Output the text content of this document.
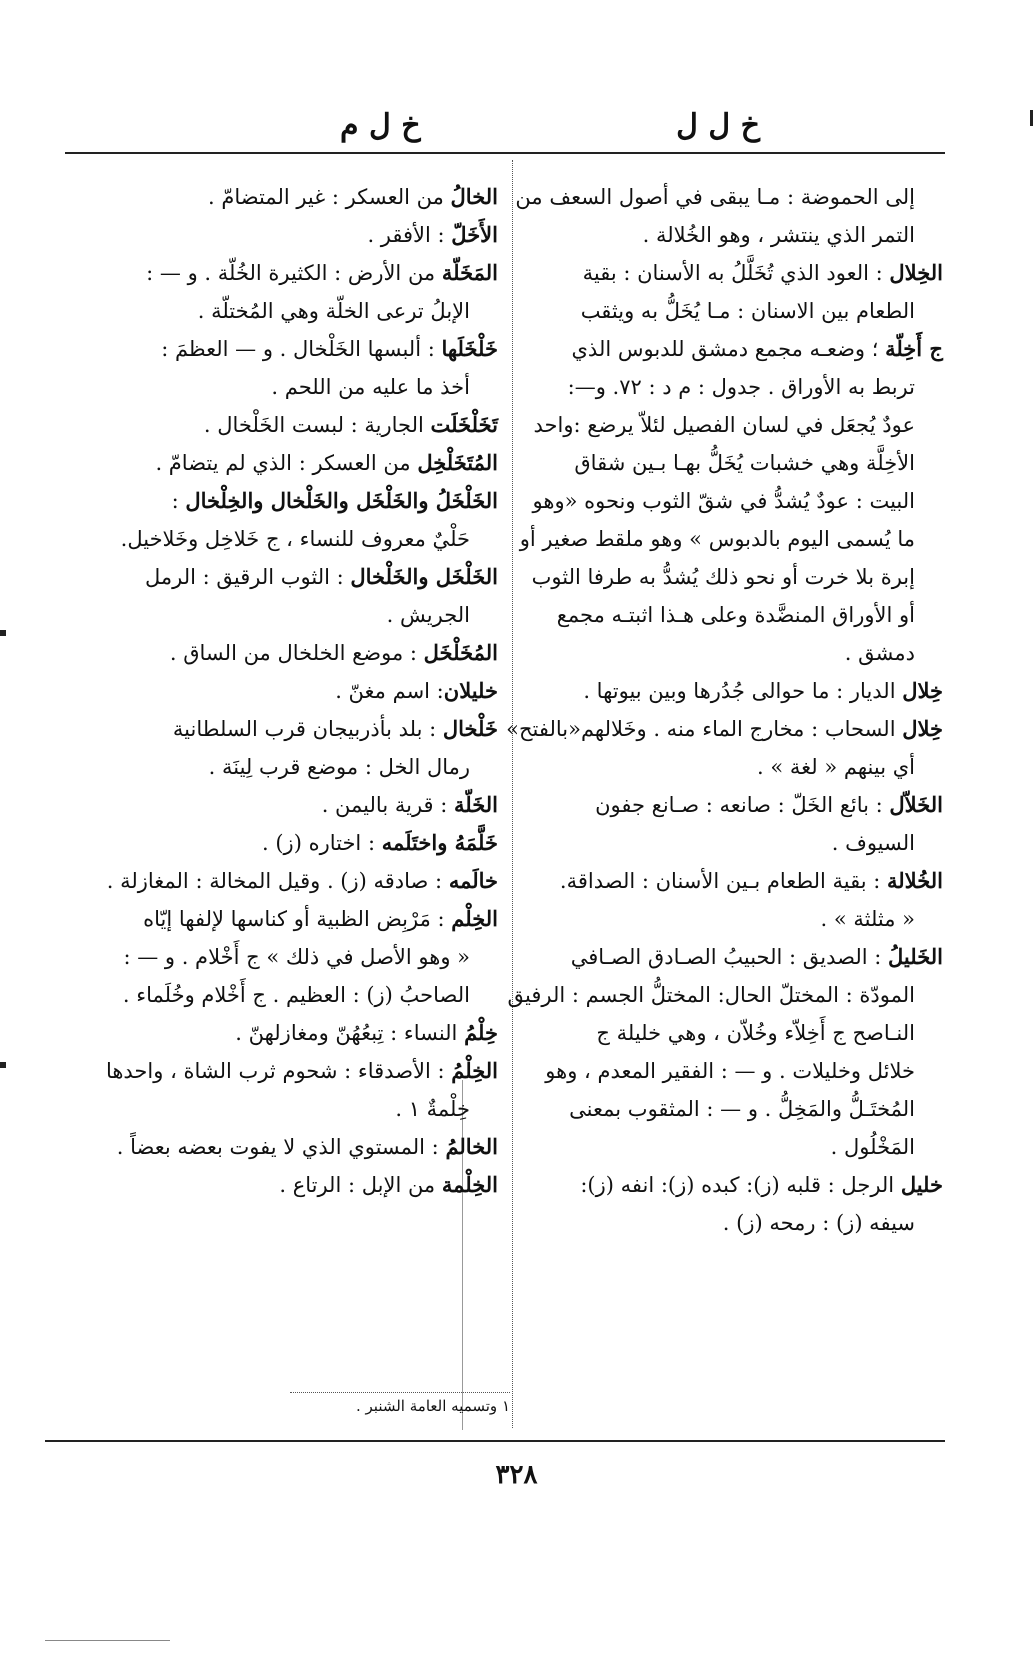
خ ل ل
خ ل م
إلى الحموضة : مـا يبقى في أصول السعف من
التمر الذي ينتشر ، وهو الخُلالة .
الخِلال : العود الذي تُخَلَّلُ به الأسنان : بقية
الطعام بين الاسنان : مـا يُخَلُّ به ويثقب
ج أَخِلّة ؛ وضعـه مجمع دمشق للدبوس الذي
تربط به الأوراق . جدول : م د : ٧٢. و—:
عودٌ يُجعَل في لسان الفصيل لئلاّ يرضع :واحد
الأخِلَّة وهي خشبات يُخَلُّ بهـا بـين شقاق
البيت : عودٌ يُشدُّ في شقّ الثوب ونحوه «وهو
ما يُسمى اليوم بالدبوس » وهو ملقط صغير أو
إبرة بلا خرت أو نحو ذلك يُشدُّ به طرفا الثوب
أو الأوراق المنضَّدة وعلى هـذا اثبتـه مجمع
دمشق .
خِلال الديار : ما حوالى جُدُرها وبين بيوتها .
خِلال السحاب : مخارج الماء منه . وخَلالهم«بالفتح»
أي بينهم « لغة » .
الخَلاّل : بائع الخَلّ : صانعه : صـانع جفون
السيوف .
الخُلالة : بقية الطعام بـين الأسنان : الصداقة.
« مثلثة » .
الخَليلُ : الصديق : الحبيبُ الصـادق الصـافي
المودّة : المختلّ الحال: المختلُّ الجسم : الرفيق
النـاصح ج أَخِلاّء وخُلاّن ، وهي خليلة ج
خلائل وخليلات . و — : الفقير المعدم ، وهو
المُختَـلُّ والمَخِلُّ . و — : المثقوب بمعنى
المَخْلُول .
خليل الرجل : قلبه (ز): كبده (ز): انفه (ز):
سيفه (ز) : رمحه (ز) .
الخالُ من العسكر : غير المتضامّ .
الأَخَلّ : الأفقر .
المَخَلّة من الأرض : الكثيرة الخُلّة . و — :
الإبلُ ترعى الخلّة وهي المُختلّة .
خَلْخَلَها : ألبسها الخَلْخال . و — العظمَ :
أخذ ما عليه من اللحم .
تَخَلْخَلَت الجارية : لبست الخَلْخال .
المُتَخَلْخِل من العسكر : الذي لم يتضامّ .
الخَلْخَلُ والخَلْخَل والخَلْخال والخِلْخال :
حَلْيٌ معروف للنساء ، ج خَلاخِل وخَلاخيل.
الخَلْخَل والخَلْخال : الثوب الرقيق : الرمل
الجريش .
المُخَلْخَل : موضع الخلخال من الساق .
خليلان: اسم مغنّ .
خَلْخال : بلد بأذربيجان قرب السلطانية
رمال الخل : موضع قرب لِينَة .
الخَلّة : قرية باليمن .
خَلَّمَهُ واختَلَمه : اختاره (ز) .
خالَمه : صادقه (ز) . وقيل المخالة : المغازلة .
الخِلْم : مَرْبِض الظبية أو كناسها لإلفها إيّاه
« وهو الأصل في ذلك » ج أَخْلام . و — :
الصاحبُ (ز) : العظيم . ج أَخْلام وخُلَماء .
خِلْمُ النساء : تِبعُهُنّ ومغازلهنّ .
الخِلْمُ : الأصدقاء : شحوم ثرب الشاة ، واحدها
خِلْمةٌ ١ .
الخالمُ : المستوي الذي لا يفوت بعضه بعضاً .
الخِلْمة من الإبل : الرتاع .
١ وتسميه العامة الشنبر .
٣٢٨
